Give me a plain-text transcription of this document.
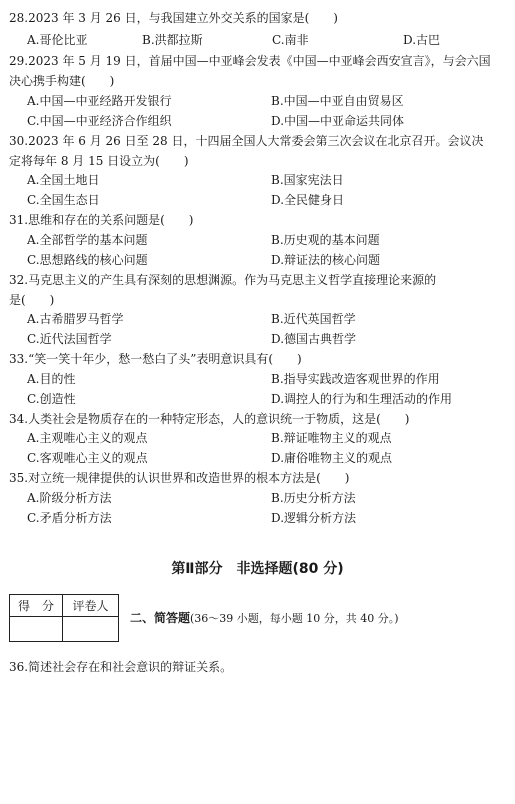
28.2023 年 3 月 26 日，与我国建立外交关系的国家是(　　)
A.哥伦比亚	B.洪都拉斯	C.南非	D.古巴
29.2023 年 5 月 19 日，首届中国—中亚峰会发表《中国—中亚峰会西安宣言》，与会六国
决心携手构建(　　)
A.中国—中亚经路开发银行	B.中国—中亚自由贸易区
C.中国—中亚经济合作组织	D.中国—中亚命运共同体
30.2023 年 6 月 26 日至 28 日，十四届全国人大常委会第三次会议在北京召开。会议决
定将每年 8 月 15 日设立为(　　)
A.全国土地日	B.国家宪法日
C.全国生态日	D.全民健身日
31.思维和存在的关系问题是(　　)
A.全部哲学的基本问题	B.历史观的基本问题
C.思想路线的核心问题	D.辩证法的核心问题
32.马克思主义的产生具有深刻的思想渊源。作为马克思主义哲学直接理论来源的
是(　　)
A.古希腊罗马哲学	B.近代英国哲学
C.近代法国哲学	D.德国古典哲学
33.“笑一笑十年少，愁一愁白了头”表明意识具有(　　)
A.目的性	B.指导实践改造客观世界的作用
C.创造性	D.调控人的行为和生理活动的作用
34.人类社会是物质存在的一种特定形态，人的意识统一于物质，这是(　　)
A.主观唯心主义的观点	B.辩证唯物主义的观点
C.客观唯心主义的观点	D.庸俗唯物主义的观点
35.对立统一规律提供的认识世界和改造世界的根本方法是(　　)
A.阶级分析方法	B.历史分析方法
C.矛盾分析方法	D.逻辑分析方法
第Ⅱ部分　非选择题(80 分)
得　分	评卷人
二、简答题(36～39 小题，每小题 10 分，共 40 分。)
36.简述社会存在和社会意识的辩证关系。
